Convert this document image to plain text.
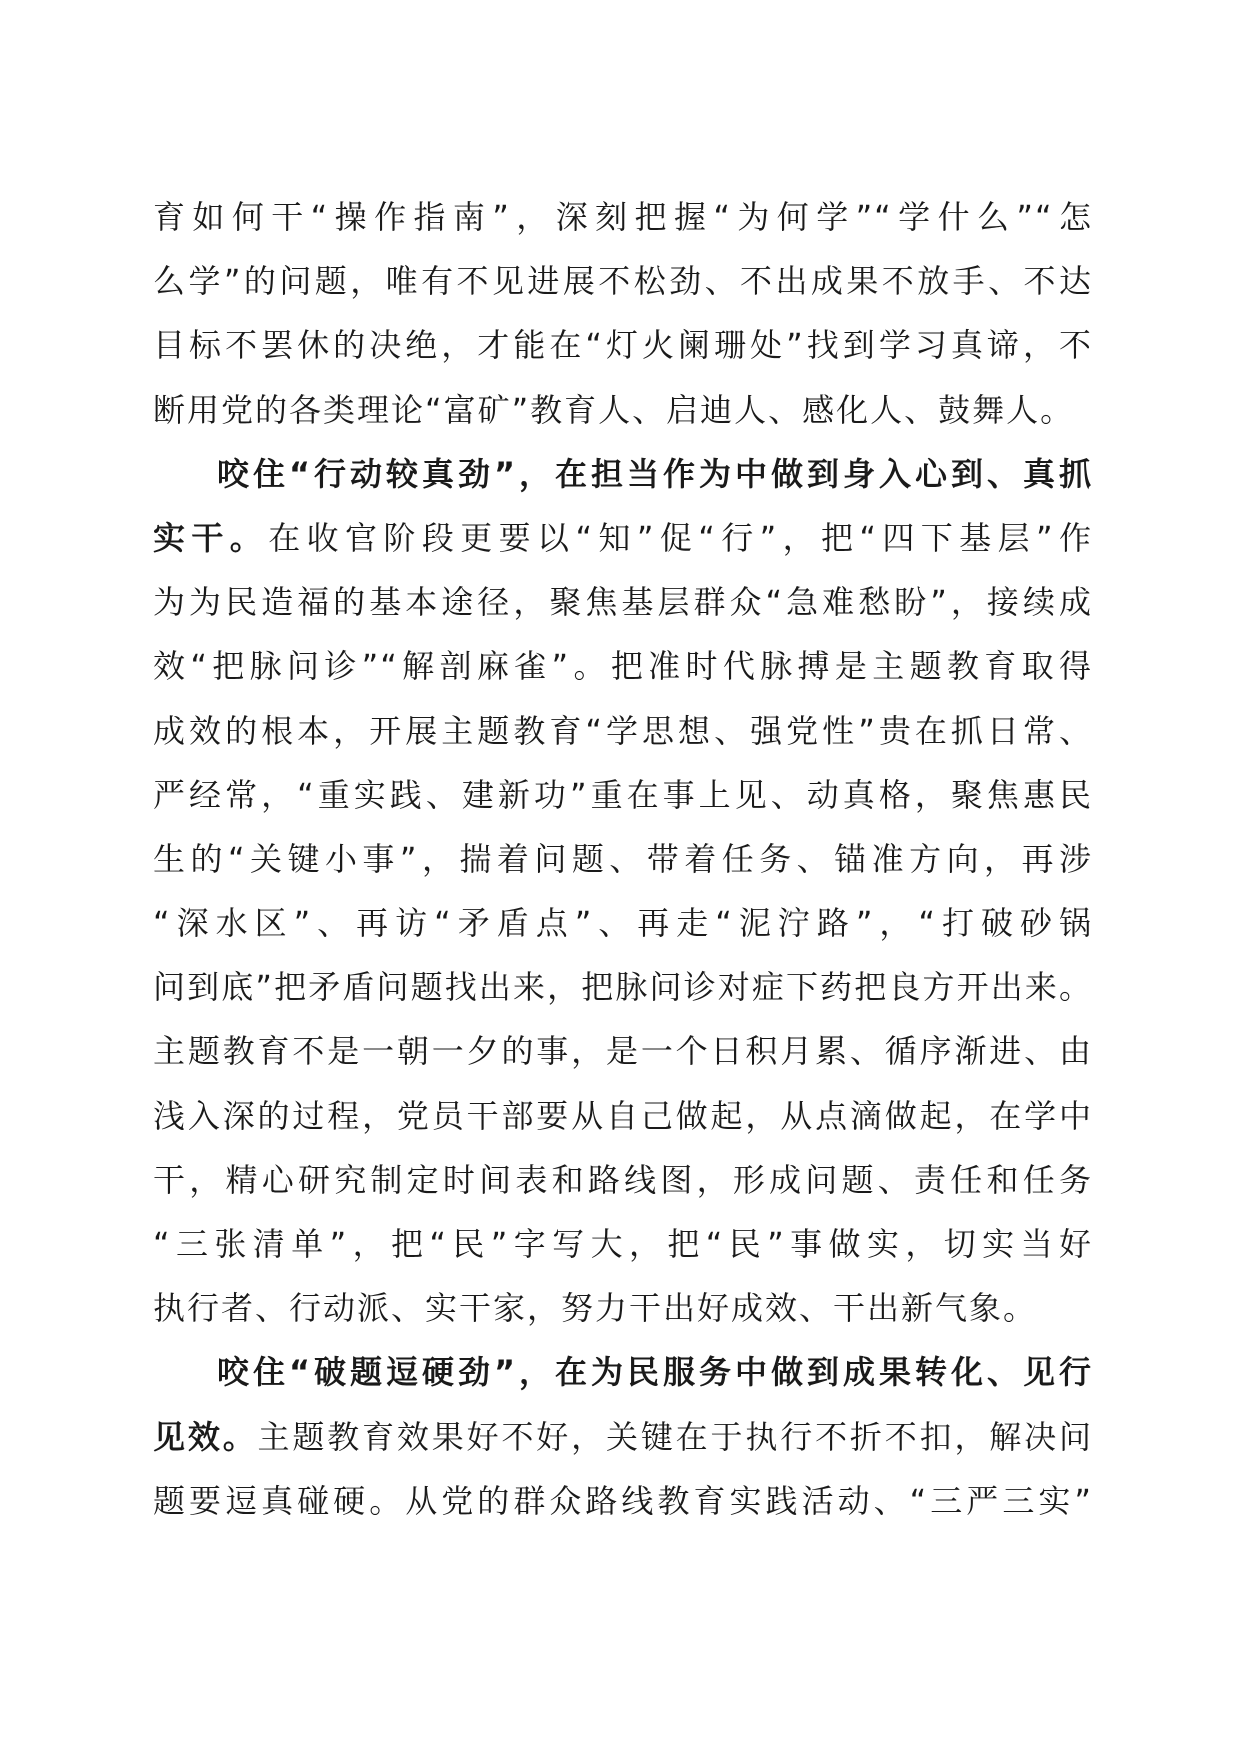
育如何干“操作指南”，深刻把握“为何学”“学什么”“怎
么学”的问题，唯有不见进展不松劲、不出成果不放手、不达
目标不罢休的决绝，才能在“灯火阑珊处”找到学习真谛，不
断用党的各类理论“富矿”教育人、启迪人、感化人、鼓舞人。
咬住“行动较真劲”，在担当作为中做到身入心到、真抓
实干。在收官阶段更要以“知”促“行”，把“四下基层”作
为为民造福的基本途径，聚焦基层群众“急难愁盼”，接续成
效“把脉问诊”“解剖麻雀”。把准时代脉搏是主题教育取得
成效的根本，开展主题教育“学思想、强党性”贵在抓日常、
严经常，“重实践、建新功”重在事上见、动真格，聚焦惠民
生的“关键小事”，揣着问题、带着任务、锚准方向，再涉
“深水区”、再访“矛盾点”、再走“泥泞路”，“打破砂锅
问到底”把矛盾问题找出来，把脉问诊对症下药把良方开出来。
主题教育不是一朝一夕的事，是一个日积月累、循序渐进、由
浅入深的过程，党员干部要从自己做起，从点滴做起，在学中
干，精心研究制定时间表和路线图，形成问题、责任和任务
“三张清单”，把“民”字写大，把“民”事做实，切实当好
执行者、行动派、实干家，努力干出好成效、干出新气象。
咬住“破题逗硬劲”，在为民服务中做到成果转化、见行
见效。主题教育效果好不好，关键在于执行不折不扣，解决问
题要逗真碰硬。从党的群众路线教育实践活动、“三严三实”
